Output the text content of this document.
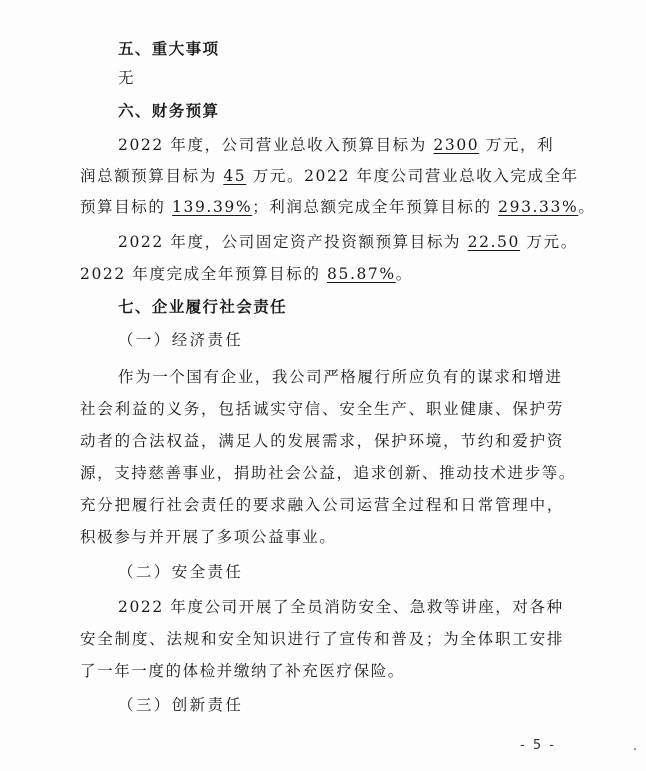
五、重大事项
无
六、财务预算
2022 年度，公司营业总收入预算目标为 2300 万元，利
润总额预算目标为 45 万元。2022 年度公司营业总收入完成全年
预算目标的 139.39%；利润总额完成全年预算目标的 293.33%。
2022 年度，公司固定资产投资额预算目标为 22.50 万元。
2022 年度完成全年预算目标的 85.87%。
七、企业履行社会责任
（一）经济责任
作为一个国有企业，我公司严格履行所应负有的谋求和增进
社会利益的义务，包括诚实守信、安全生产、职业健康、保护劳
动者的合法权益，满足人的发展需求，保护环境，节约和爱护资
源，支持慈善事业，捐助社会公益，追求创新、推动技术进步等。
充分把履行社会责任的要求融入公司运营全过程和日常管理中，
积极参与并开展了多项公益事业。
（二）安全责任
2022 年度公司开展了全员消防安全、急救等讲座，对各种
安全制度、法规和安全知识进行了宣传和普及；为全体职工安排
了一年一度的体检并缴纳了补充医疗保险。
（三）创新责任
- 5 -
